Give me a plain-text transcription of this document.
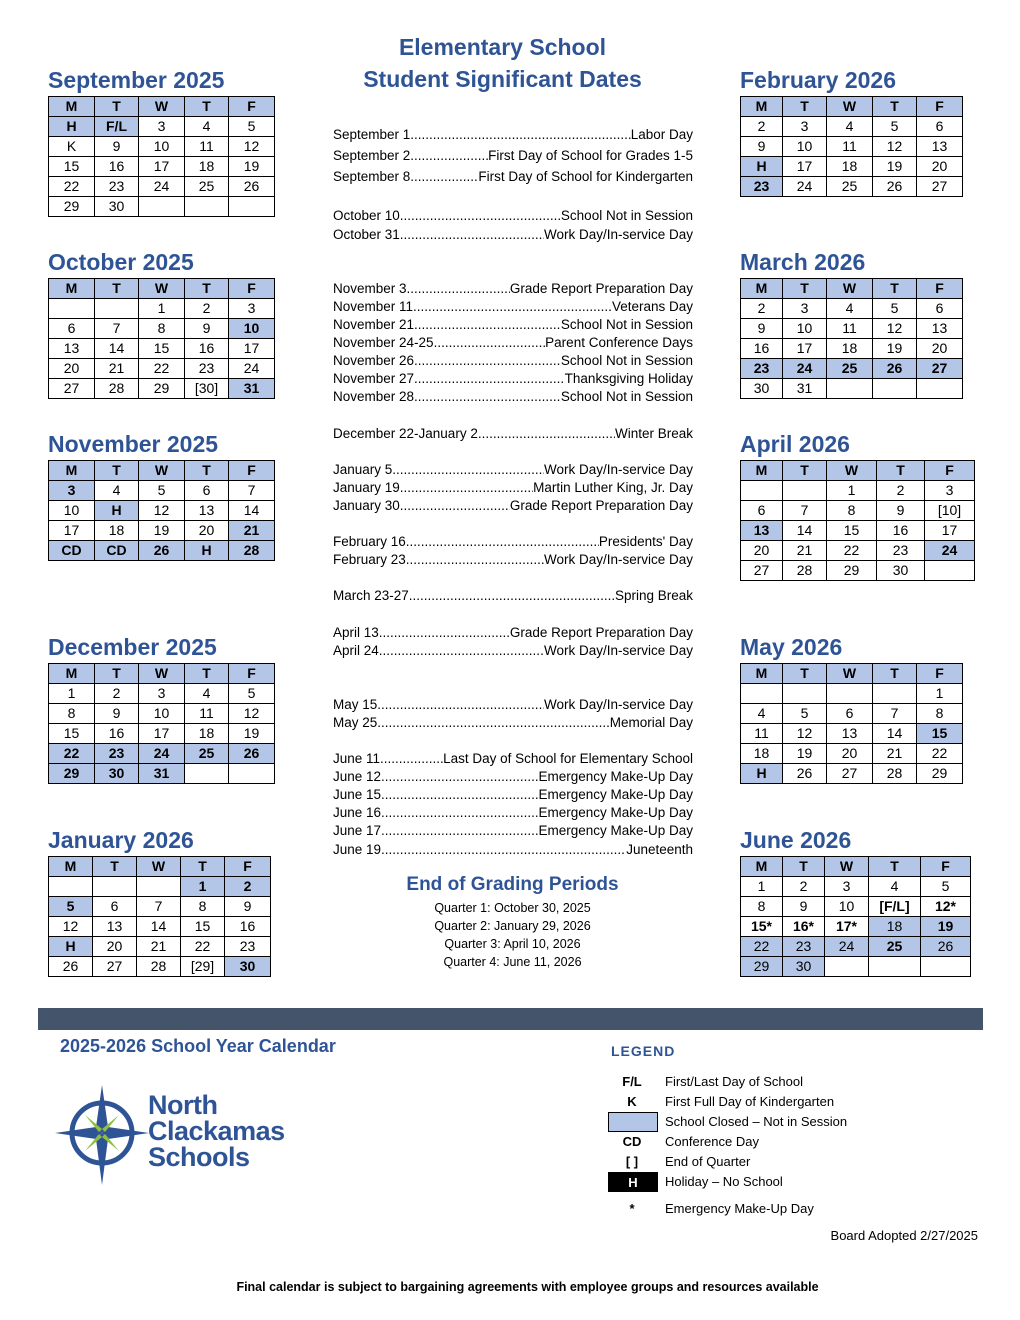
Elementary School
Student Significant Dates
September 2025
M	T	W	T	F
H	F/L	3	4	5
K	9	10	11	12
15	16	17	18	19
22	23	24	25	26
29	30			
October 2025
M	T	W	T	F
		1	2	3
6	7	8	9	10
13	14	15	16	17
20	21	22	23	24
27	28	29	[30]	31
November 2025
M	T	W	T	F
3	4	5	6	7
10	H	12	13	14
17	18	19	20	21
CD	CD	26	H	28
December 2025
M	T	W	T	F
1	2	3	4	5
8	9	10	11	12
15	16	17	18	19
22	23	24	25	26
29	30	31		
January 2026
M	T	W	T	F
			1	2
5	6	7	8	9
12	13	14	15	16
H	20	21	22	23
26	27	28	[29]	30
February 2026
M	T	W	T	F
2	3	4	5	6
9	10	11	12	13
H	17	18	19	20
23	24	25	26	27
March 2026
M	T	W	T	F
2	3	4	5	6
9	10	11	12	13
16	17	18	19	20
23	24	25	26	27
30	31			
April 2026
M	T	W	T	F
		1	2	3
6	7	8	9	[10]
13	14	15	16	17
20	21	22	23	24
27	28	29	30	
May 2026
M	T	W	T	F
				1
4	5	6	7	8
11	12	13	14	15
18	19	20	21	22
H	26	27	28	29
June 2026
M	T	W	T	F
1	2	3	4	5
8	9	10	[F/L]	12*
15*	16*	17*	18	19
22	23	24	25	26
29	30			
September 1 .....	Labor Day
September 2 .....	First Day of School for Grades 1-5
September 8 .....	First Day of School for Kindergarten
October 10 .....	School Not in Session
October 31 .....	Work Day/In-service Day
November 3 .....	Grade Report Preparation Day
November 11 .....	Veterans Day
November 21 .....	School Not in Session
November 24-25 .....	Parent Conference Days
November 26 .....	School Not in Session
November 27 .....	Thanksgiving Holiday
November 28 .....	School Not in Session
December 22-January 2 .....	Winter Break
January 5 .....	Work Day/In-service Day
January 19 .....	Martin Luther King, Jr. Day
January 30 .....	Grade Report Preparation Day
February 16 .....	Presidents' Day
February 23 .....	Work Day/In-service Day
March 23-27 .....	Spring Break
April 13 .....	Grade Report Preparation Day
April 24 .....	Work Day/In-service Day
May 15 .....	Work Day/In-service Day
May 25 .....	Memorial Day
June 11 .....	Last Day of School for Elementary School
June 12 .....	Emergency Make-Up Day
June 15 .....	Emergency Make-Up Day
June 16 .....	Emergency Make-Up Day
June 17 .....	Emergency Make-Up Day
June 19 .....	Juneteenth
End of Grading Periods
Quarter 1: October 30, 2025
Quarter 2: January 29, 2026
Quarter 3: April 10, 2026
Quarter 4: June 11, 2026
2025-2026 School Year Calendar
North
Clackamas
Schools
LEGEND
F/L	First/Last Day of School
K	First Full Day of Kindergarten
School Closed – Not in Session
CD	Conference Day
[ ]	End of Quarter
H	Holiday – No School
*	Emergency Make-Up Day
Board Adopted 2/27/2025
Final calendar is subject to bargaining agreements with employee groups and resources available
